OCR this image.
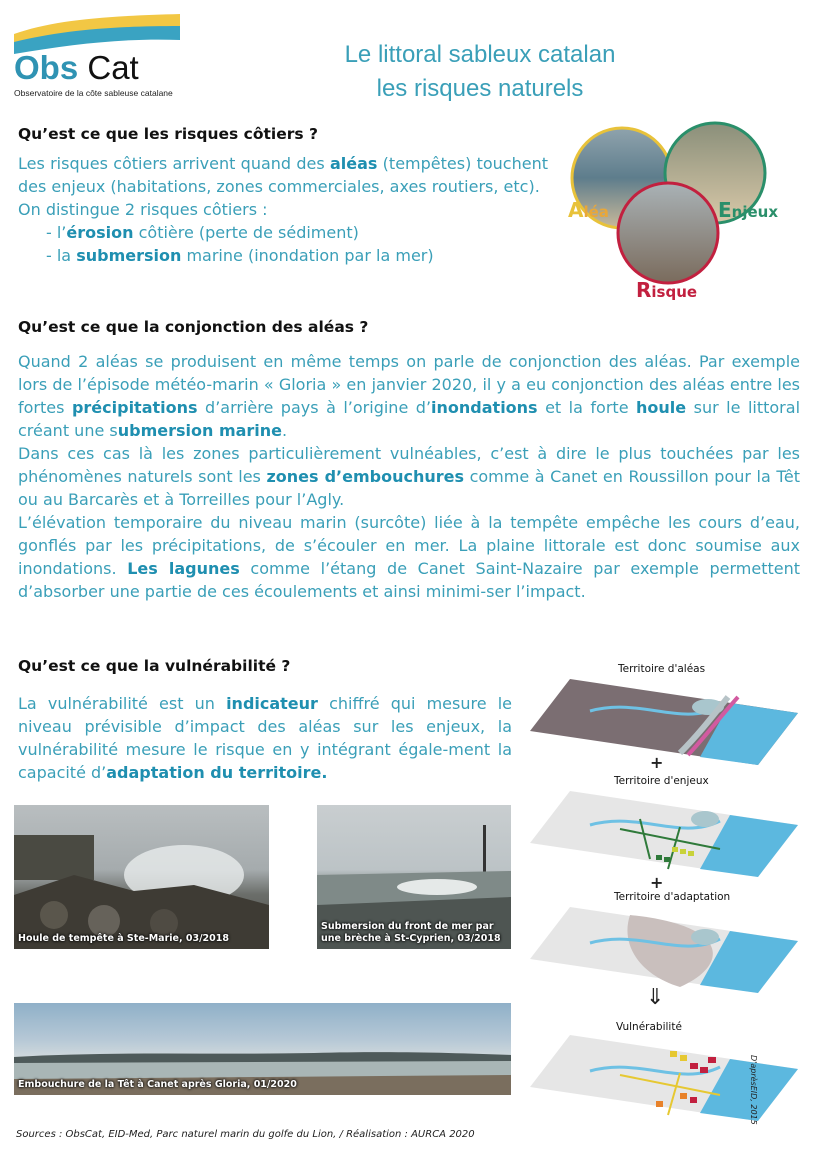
Obs Cat
Observatoire de la côte sableuse catalane
Le littoral sableux catalan
les risques naturels
Qu’est ce que les risques côtiers ?
Les risques côtiers arrivent quand des aléas (tempêtes) touchent des enjeux (habitations, zones commerciales, axes routiers, etc).
On distingue 2 risques côtiers :
- l’érosion côtière (perte de sédiment)
- la submersion marine (inondation par la mer)
Aléa	Enjeux
Risque
Qu’est ce que la conjonction des aléas ?
Quand 2 aléas se produisent en même temps on parle de conjonction des aléas. Par exemple lors de l’épisode météo-marin « Gloria » en janvier 2020, il y a eu conjonction des aléas entre les fortes précipitations d’arrière pays à l’origine d’inondations et la forte houle sur le littoral créant une submersion marine.
Dans ces cas là les zones particulièrement vulnéables, c’est à dire le plus touchées par les phénomènes naturels sont les zones d’embouchures comme à Canet en Roussillon pour la Têt ou au Barcarès et à Torreilles pour l’Agly.
L’élévation temporaire du niveau marin (surcôte) liée à la tempête empêche les cours d’eau, gonflés par les précipitations, de s’écouler en mer. La plaine littorale est donc soumise aux inondations. Les lagunes comme l’étang de Canet Saint-Nazaire par exemple permettent d’absorber une partie de ces écoulements et ainsi minimi-ser l’impact.
Qu’est ce que la vulnérabilité ?
La vulnérabilité est un indicateur chiffré qui mesure le niveau prévisible d’impact des aléas sur les enjeux, la vulnérabilité mesure le risque en y intégrant égale-ment la capacité d’adaptation du territoire.
Territoire d'aléas
+
Territoire d'enjeux
+
Territoire d'adaptation
⇓
Vulnérabilité
D'aprèsEID, 2015
Houle de tempête à Ste-Marie, 03/2018
Submersion du front de mer par
une brèche à St-Cyprien, 03/2018
Embouchure de la Têt à Canet après Gloria, 01/2020
Sources : ObsCat, EID-Med, Parc naturel marin du golfe du Lion, / Réalisation : AURCA 2020
